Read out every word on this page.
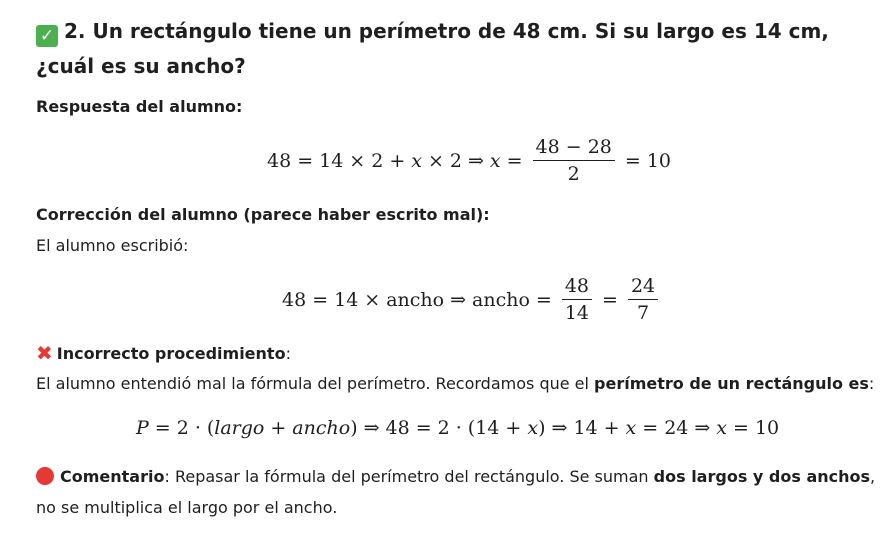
✓ 2. Un rectángulo tiene un perímetro de 48 cm. Si su largo es 14 cm, ¿cuál es su ancho?
Respuesta del alumno:
48 = 14 × 2 + x × 2 ⇒ $x = \frac{48 - 28}{2} = 10$
Corrección del alumno (parece haber escrito mal):
El alumno escribió:
48 = 14 × ancho ⇒ ancho = $\frac{48}{14} = \frac{24}{7}$
✖ Incorrecto procedimiento:
El alumno entendió mal la fórmula del perímetro. Recordamos que el perímetro de un rectángulo es:
P = 2 · ( largo + ancho ) ⇒ 48 = 2 · (14 + x ) ⇒ 14 + x = 24 ⇒ x = 10
Comentario: Repasar la fórmula del perímetro del rectángulo. Se suman dos largos y dos anchos, no se multiplica el largo por el ancho.
